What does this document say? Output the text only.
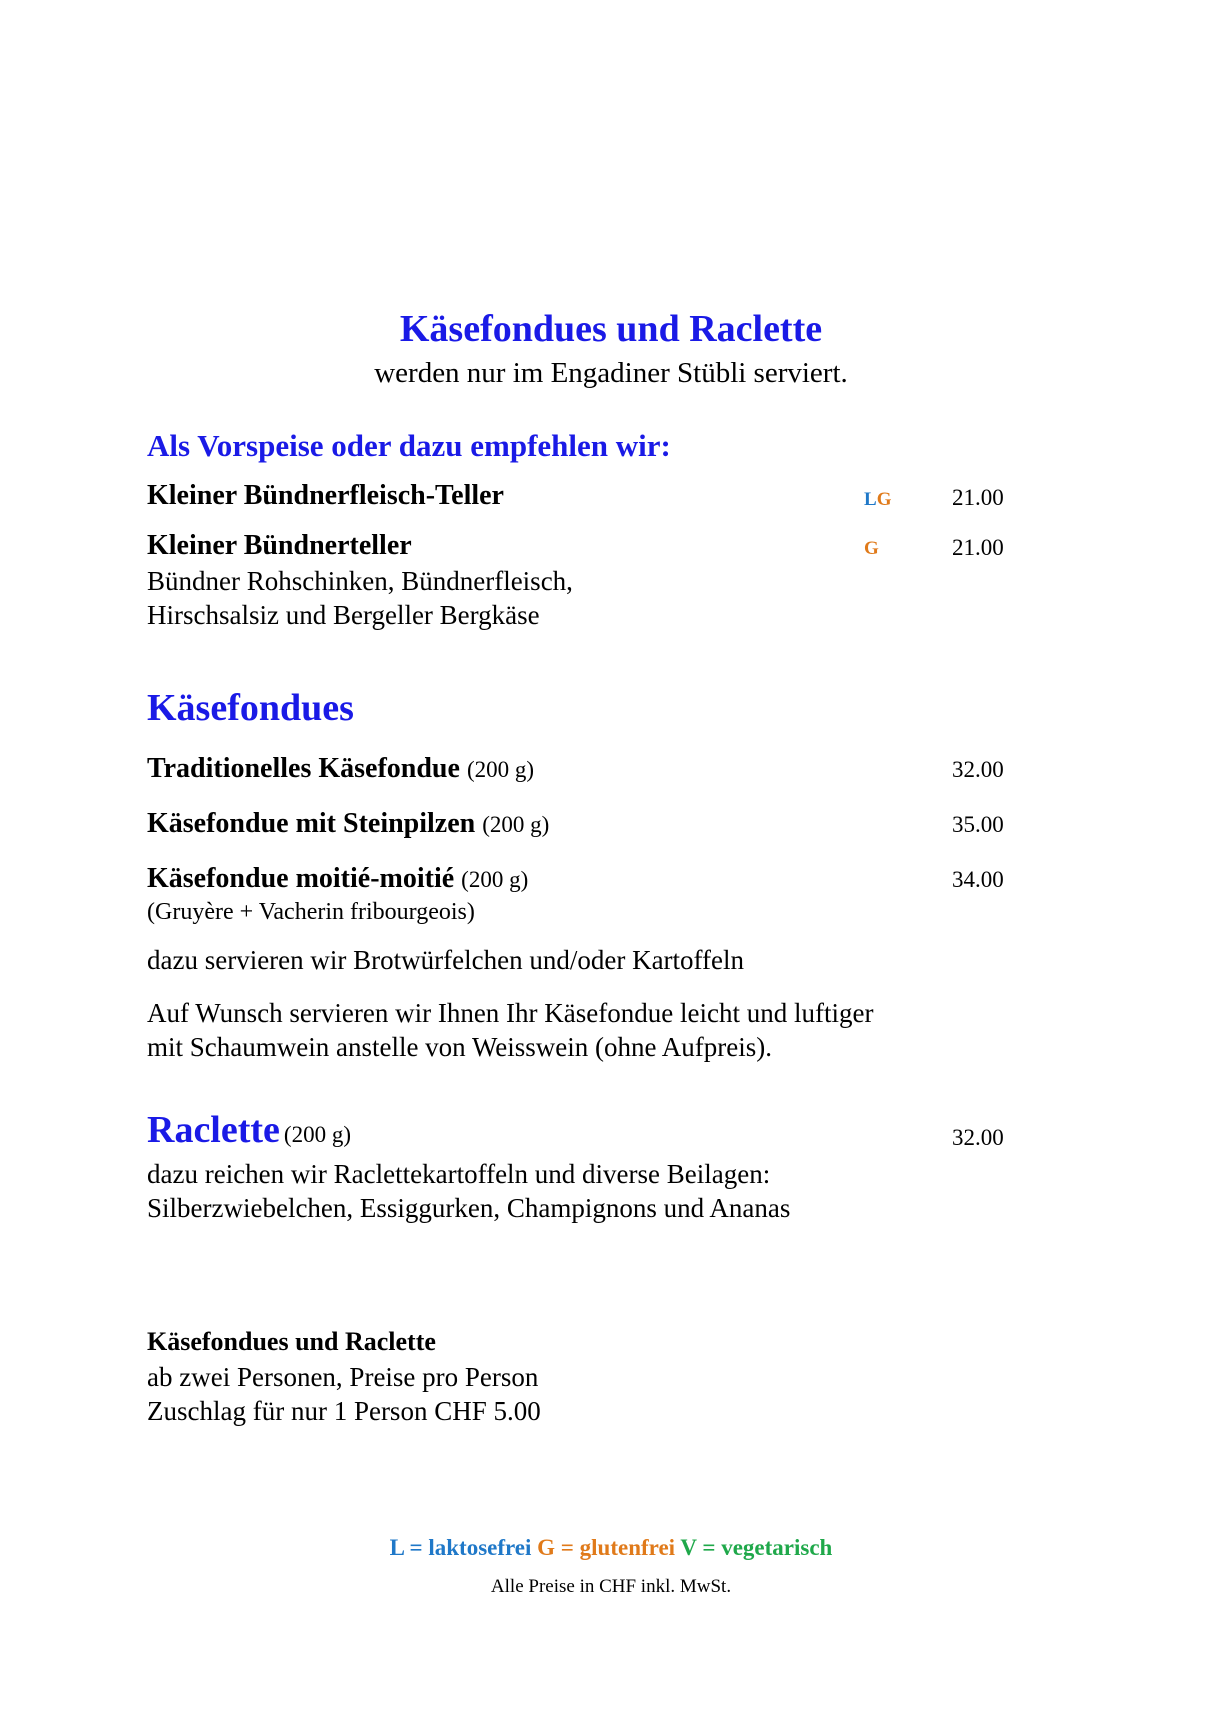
Käsefondues und Raclette
werden nur im Engadiner Stübli serviert.
Als Vorspeise oder dazu empfehlen wir:
Kleiner Bündnerfleisch-Teller	LG	21.00
Kleiner Bündnerteller	G	21.00
Bündner Rohschinken, Bündnerfleisch,
Hirschsalsiz und Bergeller Bergkäse
Käsefondues
Traditionelles Käsefondue (200 g)	32.00
Käsefondue mit Steinpilzen (200 g)	35.00
Käsefondue moitié-moitié (200 g)	34.00
(Gruyère + Vacherin fribourgeois)
dazu servieren wir Brotwürfelchen und/oder Kartoffeln
Auf Wunsch servieren wir Ihnen Ihr Käsefondue leicht und luftiger
mit Schaumwein anstelle von Weisswein (ohne Aufpreis).
Raclette (200 g)	32.00
dazu reichen wir Raclettekartoffeln und diverse Beilagen:
Silberzwiebelchen, Essiggurken, Champignons und Ananas
Käsefondues und Raclette
ab zwei Personen, Preise pro Person
Zuschlag für nur 1 Person CHF 5.00
L = laktosefrei G = glutenfrei V = vegetarisch
Alle Preise in CHF inkl. MwSt.
